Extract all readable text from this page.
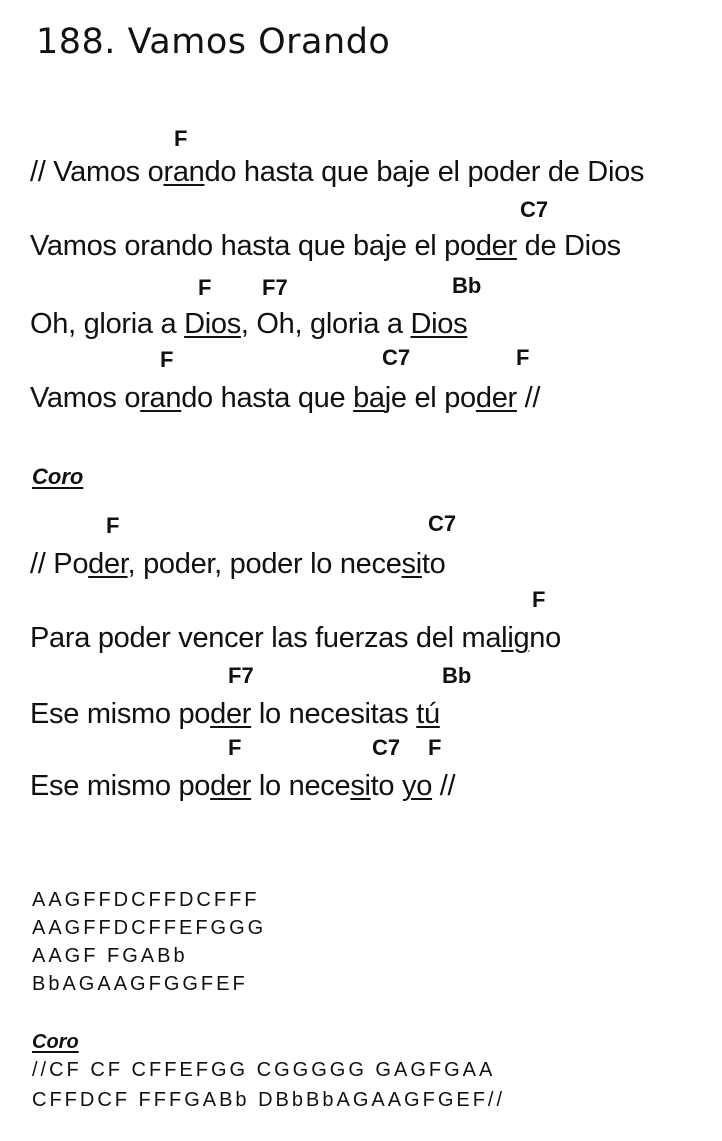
188. Vamos Orando
F
// Vamos orando hasta que baje el poder de Dios
C7
Vamos orando hasta que baje el poder de Dios
F F7	Bb
Oh, gloria a Dios, Oh, gloria a Dios
F	C7	F
Vamos orando hasta que baje el poder //
Coro
F	C7
// Poder, poder, poder lo necesito
F
Para poder vencer las fuerzas del maligno
F7	Bb
Ese mismo poder lo necesitas tú
F	C7 F
Ese mismo poder lo necesito yo //
AAGFFDCFFDCFFF
AAGFFDCFFEFGGG
AAGF FGABb
BbAGAAGFGGFEF
Coro
//CF CF CFFEFGG CGGGGG GAGFGAA
CFFDCF FFFGABb DBbBbAGAAGFGEF//
